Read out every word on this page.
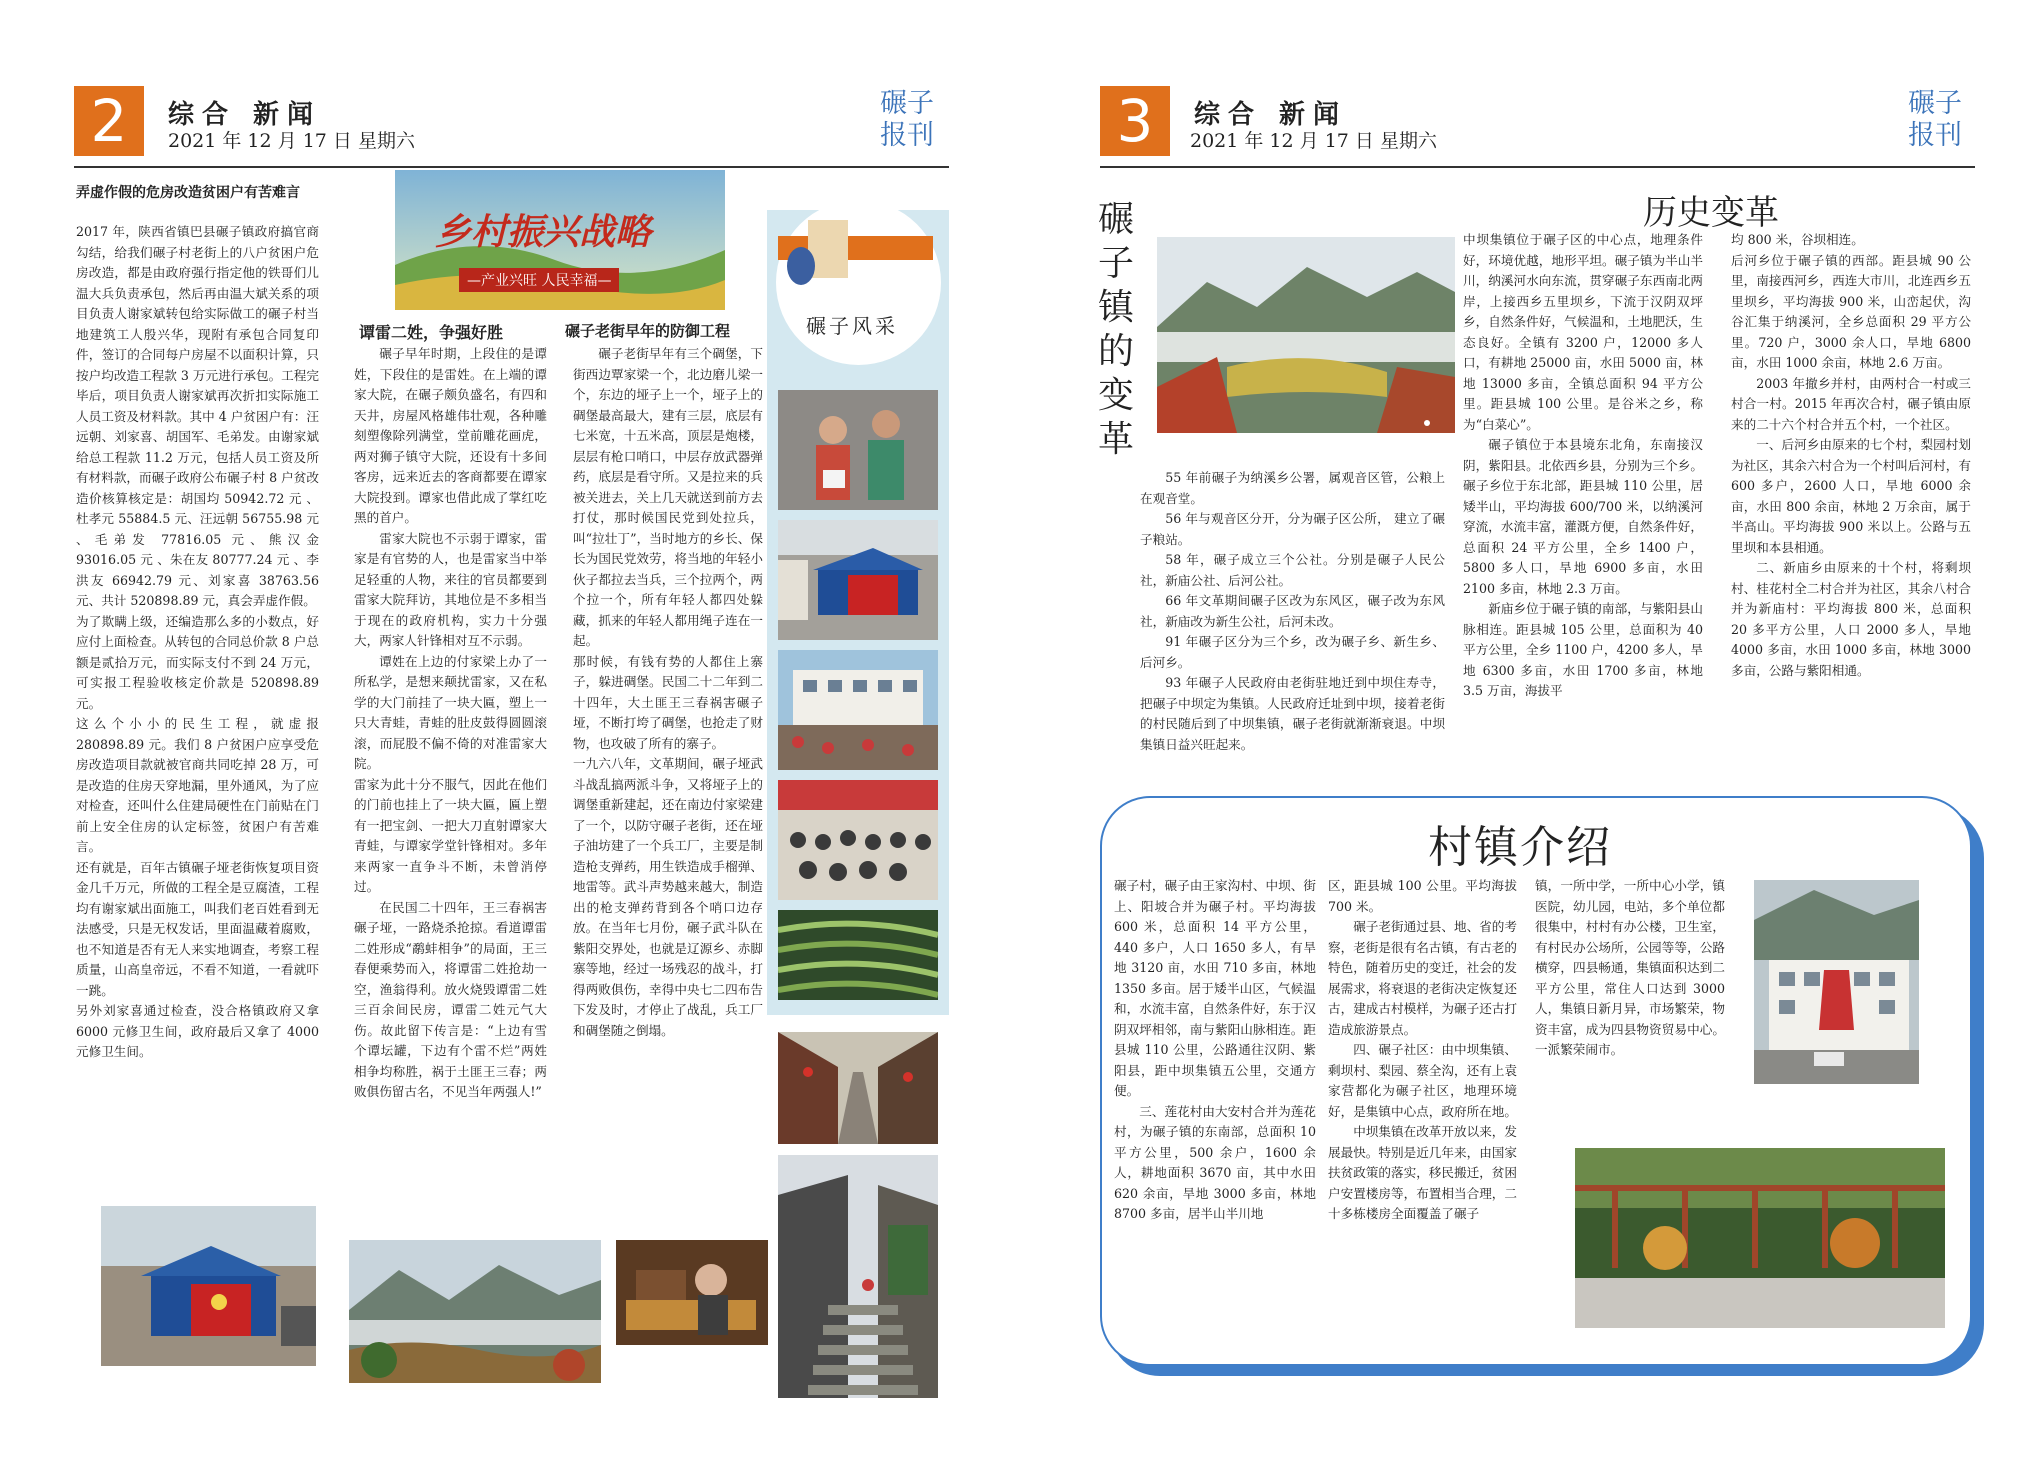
2	综合 新闻
2021 年 12 月 17 日 星期六
碾子
报刊
弄虚作假的危房改造贫困户有苦难言

2017 年，陕西省镇巴县碾子镇政府搞官商勾结，给我们碾子村老街上的八户贫困户危房改造，都是由政府强行指定他的铁哥们儿温大兵负责承包，然后再由温大斌关系的项目负责人谢家斌转包给实际做工的碾子村当地建筑工人殷兴华，现附有承包合同复印件，签订的合同每户房屋不以面积计算，只按户均改造工程款 3 万元进行承包。工程完毕后，项目负责人谢家斌再次折扣实际施工人员工资及材料款。其中 4 户贫困户有：汪远朝、刘家喜、胡国军、毛弟发。由谢家斌给总工程款 11.2 万元，包括人员工资及所有材料款，而碾子政府公布碾子村 8 户贫改造价核算核定是：胡国均 50942.72 元 、杜孝元 55884.5 元、汪远朝 56755.98 元 、毛弟发 77816.05 元、熊汉金 93016.05 元 、朱在友 80777.24 元 、李洪友 66942.79 元、刘家喜 38763.56 元、共计 520898.89 元，真会弄虚作假。

为了欺瞒上级，还编造那么多的小数点，好应付上面检查。从转包的合同总价款 8 户总额是贰拾万元，而实际支付不到 24 万元，可实报工程验收核定价款是 520898.89 元。

这么个小小的民生工程，就虚报 280898.89 元。我们 8 户贫困户应享受危房改造项目款就被官商共同吃掉 28 万，可是改造的住房天穿地漏，里外通风，为了应对检查，还叫什么住建局硬性在门前贴在门前上安全住房的认定标签，贫困户有苦难言。

还有就是，百年古镇碾子垭老街恢复项目资金几千万元，所做的工程全是豆腐渣，工程均有谢家斌出面施工，叫我们老百姓看到无法感受，只是无权发话，里面温藏着腐败，也不知道是否有无人来实地调查，考察工程质量，山高皇帝远，不看不知道，一看就吓一跳。

另外刘家喜通过检查，没合格镇政府又拿 6000 元修卫生间，政府最后又拿了 4000 元修卫生间。

乡村振兴战略
—产业兴旺 人民幸福—
谭雷二姓，争强好胜

碾子早年时期，上段住的是谭姓，下段住的是雷姓。在上端的谭家大院，在碾子颇负盛名，有四和天井，房屋风格雄伟壮观，各种雕刻塑像除列满堂，堂前雕花画虎，两对狮子镇守大院，还设有十多间客房，远来近去的客商都要在谭家大院投到。谭家也借此成了掌红吃黑的首户。

雷家大院也不示弱于谭家，雷家是有官势的人，也是雷家当中举足轻重的人物，来往的官员都要到雷家大院拜访，其地位是不多相当于现在的政府机构，实力十分强大，两家人针锋相对互不示弱。

谭姓在上边的付家梁上办了一所私学，是想来颠扰雷家，又在私学的大门前挂了一块大匾，塑上一只大青蛙，青蛙的肚皮鼓得圆圆滚滚，而屁股不偏不倚的对准雷家大院。

雷家为此十分不服气，因此在他们的门前也挂上了一块大匾，匾上塑有一把宝剑、一把大刀直射谭家大青蛙，与谭家学堂针锋相对。多年来两家一直争斗不断，未曾消停过。

在民国二十四年，王三春祸害碾子垭，一路烧杀抢掠。看道谭雷二姓形成“鹬蚌相争”的局面，王三春便乘势而入，将谭雷二姓抢劫一空，渔翁得利。放火烧毁谭雷二姓三百余间民房，谭雷二姓元气大伤。故此留下传言是：“上边有雪个谭坛罐，下边有个雷不烂”两姓相争均称胜，祸于土匪王三春；两败俱伤留古名，不见当年两强人!”

碾子老街早年的防御工程

碾子老街早年有三个碉堡，下街西边覃家梁一个，北边磨儿梁一个，东边的垭子上一个，垭子上的碉堡最高最大，建有三层，底层有七米宽，十五米高，顶层是炮楼，层层有枪口哨口，中层存放武器弹药，底层是看守所。又是拉来的兵被关进去，关上几天就送到前方去打仗，那时候国民党到处拉兵，叫“拉壮丁”，当时地方的乡长、保长为国民党效劳，将当地的年轻小伙子都拉去当兵，三个拉两个，两个拉一个，所有年轻人都四处躲藏，抓来的年轻人都用绳子连在一起。

那时候，有钱有势的人都住上寨子，躲进碉堡。民国二十二年到二十四年，大土匪王三春祸害碾子垭，不断打垮了碉堡，也抢走了财物，也攻破了所有的寨子。

一九六八年，文革期间，碾子垭武斗战乱搞两派斗争，又将垭子上的调堡重新建起，还在南边付家梁建了一个，以防守碾子老街，还在垭子油坊建了一个兵工厂，主要是制造枪支弹药，用生铁造成手榴弹、地雷等。武斗声势越来越大，制造出的枪支弹药背到各个哨口边存放。在当年七月份，碾子武斗队在紫阳交界处，也就是辽源乡、赤脚寨等地，经过一场残忍的战斗，打得两败俱伤，幸得中央七二四布告下发及时，才停止了战乱，兵工厂和碉堡随之倒塌。

碾子风采
3	综合 新闻
2021 年 12 月 17 日 星期六
碾子
报刊
碾子镇的变革
历史变革

55 年前碾子为纳溪乡公署，属观音区管，公粮上在观音堂。

56 年与观音区分开，分为碾子区公所， 建立了碾子粮站。

58 年，碾子成立三个公社。分别是碾子人民公社，新庙公社、后河公社。

66 年文革期间碾子区改为东风区，碾子改为东风社，新庙改为新生公社，后河未改。

91 年碾子区分为三个乡，改为碾子乡、新生乡、后河乡。

93 年碾子人民政府由老街驻地迁到中坝住寿寺，把碾子中坝定为集镇。人民政府迁址到中坝，接着老街的村民随后到了中坝集镇，碾子老街就渐渐衰退。中坝集镇日益兴旺起来。

中坝集镇位于碾子区的中心点，地理条件好，环境优越，地形平坦。碾子镇为半山半川，纳溪河水向东流，贯穿碾子东西南北两岸，上接西乡五里坝乡，下流于汉阴双坪乡，自然条件好，气候温和，土地肥沃，生态良好。全镇有 3200 户，12000 多人口，有耕地 25000 亩，水田 5000 亩，林地 13000 多亩，全镇总面积 94 平方公里。距县城 100 公里。是谷米之乡，称为“白菜心”。

碾子镇位于本县境东北角，东南接汉阴，紫阳县。北依西乡县，分别为三个乡。碾子乡位于东北部，距县城 110 公里，居矮半山，平均海拔 600/700 米，以纳溪河穿流，水流丰富，灌溉方便，自然条件好，总面积 24 平方公里，全乡 1400 户，5800 多人口，旱地 6900 多亩，水田 2100 多亩，林地 2.3 万亩。

新庙乡位于碾子镇的南部，与紫阳县山脉相连。距县城 105 公里，总面积为 40 平方公里，全乡 1100 户，4200 多人，旱地 6300 多亩，水田 1700 多亩，林地 3.5 万亩，海拔平

均 800 米，谷坝相连。

后河乡位于碾子镇的西部。距县城 90 公里，南接西河乡，西连大市川，北连西乡五里坝乡，平均海拔 900 米，山峦起伏，沟谷汇集于纳溪河，全乡总面积 29 平方公里。720 户，3000 余人口，旱地 6800 亩，水田 1000 余亩，林地 2.6 万亩。

2003 年撤乡并村，由两村合一村或三村合一村。2015 年再次合村，碾子镇由原来的二十六个村合并五个村，一个社区。

一、后河乡由原来的七个村，梨园村划为社区，其余六村合为一个村叫后河村，有 600 多户，2600 人口，旱地 6000 余亩，水田 800 余亩，林地 2 万余亩，属于半高山。平均海拔 900 米以上。公路与五里坝和本县相通。

二、新庙乡由原来的十个村，将剩坝村、桂花村全二村合并为社区，其余八村合并为新庙村：平均海拔 800 米，总面积 20 多平方公里，人口 2000 多人，旱地 4000 多亩，水田 1000 多亩，林地 3000 多亩，公路与紫阳相通。

村镇介绍

碾子村，碾子由王家沟村、中坝、街上、阳坡合并为碾子村。平均海拔 600 米，总面积 14 平方公里，440 多户，人口 1650 多人，有旱地 3120 亩，水田 710 多亩，林地 1350 多亩。居于矮半山区，气候温和，水流丰富，自然条件好，东于汉阴双坪相邻，南与紫阳山脉相连。距县城 110 公里，公路通往汉阴、紫阳县，距中坝集镇五公里，交通方便。

三、莲花村由大安村合并为莲花村，为碾子镇的东南部，总面积 10 平方公里，500 余户，1600 余人，耕地面积 3670 亩，其中水田 620 余亩，旱地 3000 多亩，林地 8700 多亩，居半山半川地

区，距县城 100 公里。平均海拔 700 米。

碾子老街通过县、地、省的考察，老街是很有名古镇，有古老的特色，随着历史的变迁，社会的发展需求，将衰退的老街决定恢复还古，建成古村模样，为碾子还古打造成旅游景点。

四、碾子社区：由中坝集镇、剩坝村、梨园、蔡全沟，还有上袁家营都化为碾子社区，地理环境好，是集镇中心点，政府所在地。

中坝集镇在改革开放以来，发展最快。特别是近几年来，由国家扶贫政策的落实，移民搬迁，贫困户安置楼房等，布置相当合理，二十多栋楼房全面覆盖了碾子

镇，一所中学，一所中心小学，镇医院，幼儿园，电站，多个单位都很集中，村村有办公楼，卫生室，有村民办公场所，公园等等，公路横穿，四县畅通，集镇面积达到二平方公里，常住人口达到 3000 人，集镇日新月异，市场繁荣，物资丰富，成为四县物资贸易中心。一派繁荣闹市。
